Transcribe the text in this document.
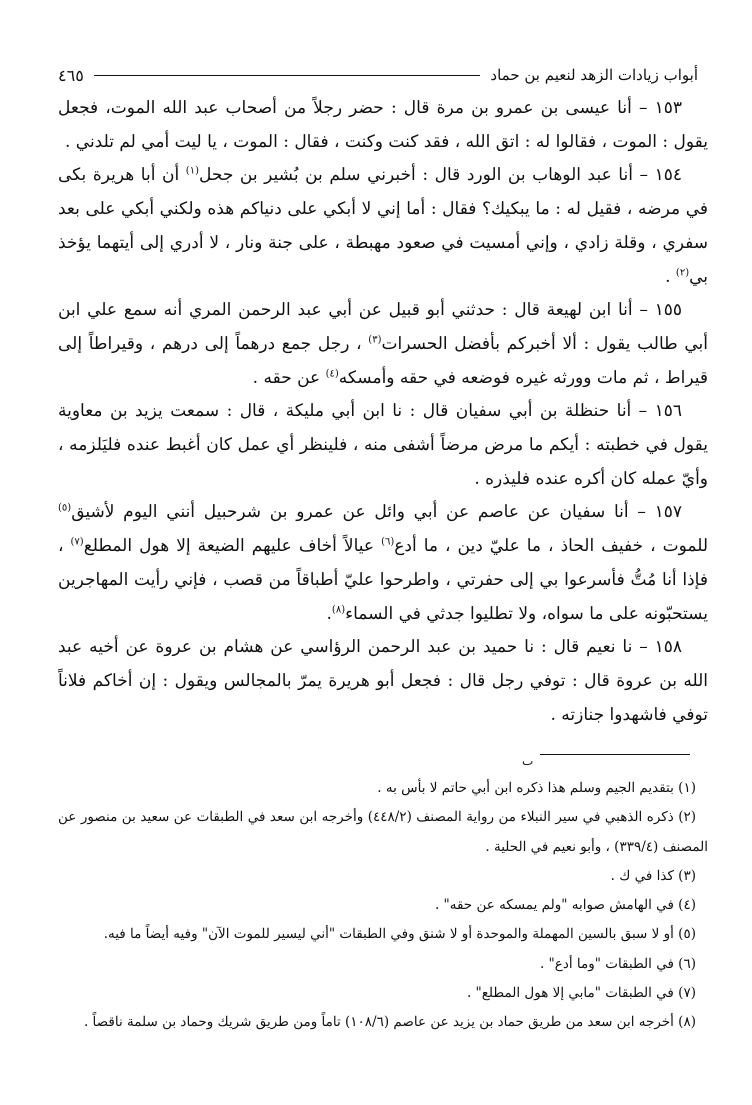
أبواب زيادات الزهد لنعيم بن حماد
٤٦٥

١٥٣ – أنا عيسى بن عمرو بن مرة قال : حضر رجلاً من أصحاب عبد الله الموت، فجعل يقول : الموت ، فقالوا له : اتق الله ، فقد كنت وكنت ، فقال : الموت ، يا ليت أمي لم تلدني .

١٥٤ – أنا عبد الوهاب بن الورد قال : أخبرني سلم بن بُشير بن جحل$^{(١)}$ أن أبا هريرة بكى في مرضه ، فقيل له : ما يبكيك؟ فقال : أما إني لا أبكي على دنياكم هذه ولكني أبكي على بعد سفري ، وقلة زادي ، وإني أمسيت في صعود مهبطة ، على جنة ونار ، لا أدري إلى أيتهما يؤخذ بي$^{(٢)}$ .

١٥٥ – أنا ابن لهيعة قال : حدثني أبو قبيل عن أبي عبد الرحمن المري أنه سمع علي ابن أبي طالب يقول : ألا أخبركم بأفضل الحسرات$^{(٣)}$ ، رجل جمع درهماً إلى درهم ، وقيراطاً إلى قيراط ، ثم مات وورثه غيره فوضعه في حقه وأمسكه$^{(٤)}$ عن حقه .

١٥٦ – أنا حنظلة بن أبي سفيان قال : نا ابن أبي مليكة ، قال : سمعت يزيد بن معاوية يقول في خطبته : أيكم ما مرض مرضاً أشفى منه ، فلينظر أي عمل كان أغبط عنده فليَلزمه ، وأيّ عمله كان أكره عنده فليذره .

١٥٧ – أنا سفيان عن عاصم عن أبي وائل عن عمرو بن شرحبيل أنني اليوم لأشيق$^{(٥)}$ للموت ، خفيف الحاذ ، ما عليّ دين ، ما أدع$^{(٦)}$ عيالاً أخاف عليهم الضيعة إلا هول المطلع$^{(٧)}$ ، فإذا أنا مُتُّ فأسرعوا بي إلى حفرتي ، واطرحوا عليّ أطباقاً من قصب ، فإني رأيت المهاجرين يستحبّونه على ما سواه، ولا تطليوا جدثي في السماء$^{(٨)}$.

١٥٨ – نا نعيم قال : نا حميد بن عبد الرحمن الرؤاسي عن هشام بن عروة عن أخيه عبد الله بن عروة قال : توفي رجل قال : فجعل أبو هريرة يمرّ بالمجالس ويقول : إن أخاكم فلاناً توفي فاشهدوا جنازته .

ٮ

(١) بتقديم الجيم وسلم هذا ذكره ابن أبي حاتم لا بأس به .

(٢) ذكره الذهبي في سير النبلاء من رواية المصنف (٤٤٨/٢) وأخرجه ابن سعد في الطبقات عن سعيد بن منصور عن المصنف (٣٣٩/٤) ، وأبو نعيم في الحلية .

(٣) كذا في ك .

(٤) في الهامش صوابه "ولم يمسكه عن حقه" .

(٥) أو لا سبق بالسين المهملة والموحدة أو لا شنق وفي الطبقات "أني ليسير للموت الآن" وفيه أيضاً ما فيه.

(٦) في الطبقات "وما أدع" .

(٧) في الطبقات "مابي إلا هول المطلع" .

(٨) أخرجه ابن سعد من طريق حماد بن يزيد عن عاصم (١٠٨/٦) تاماً ومن طريق شريك وحماد بن سلمة ناقصاً .
